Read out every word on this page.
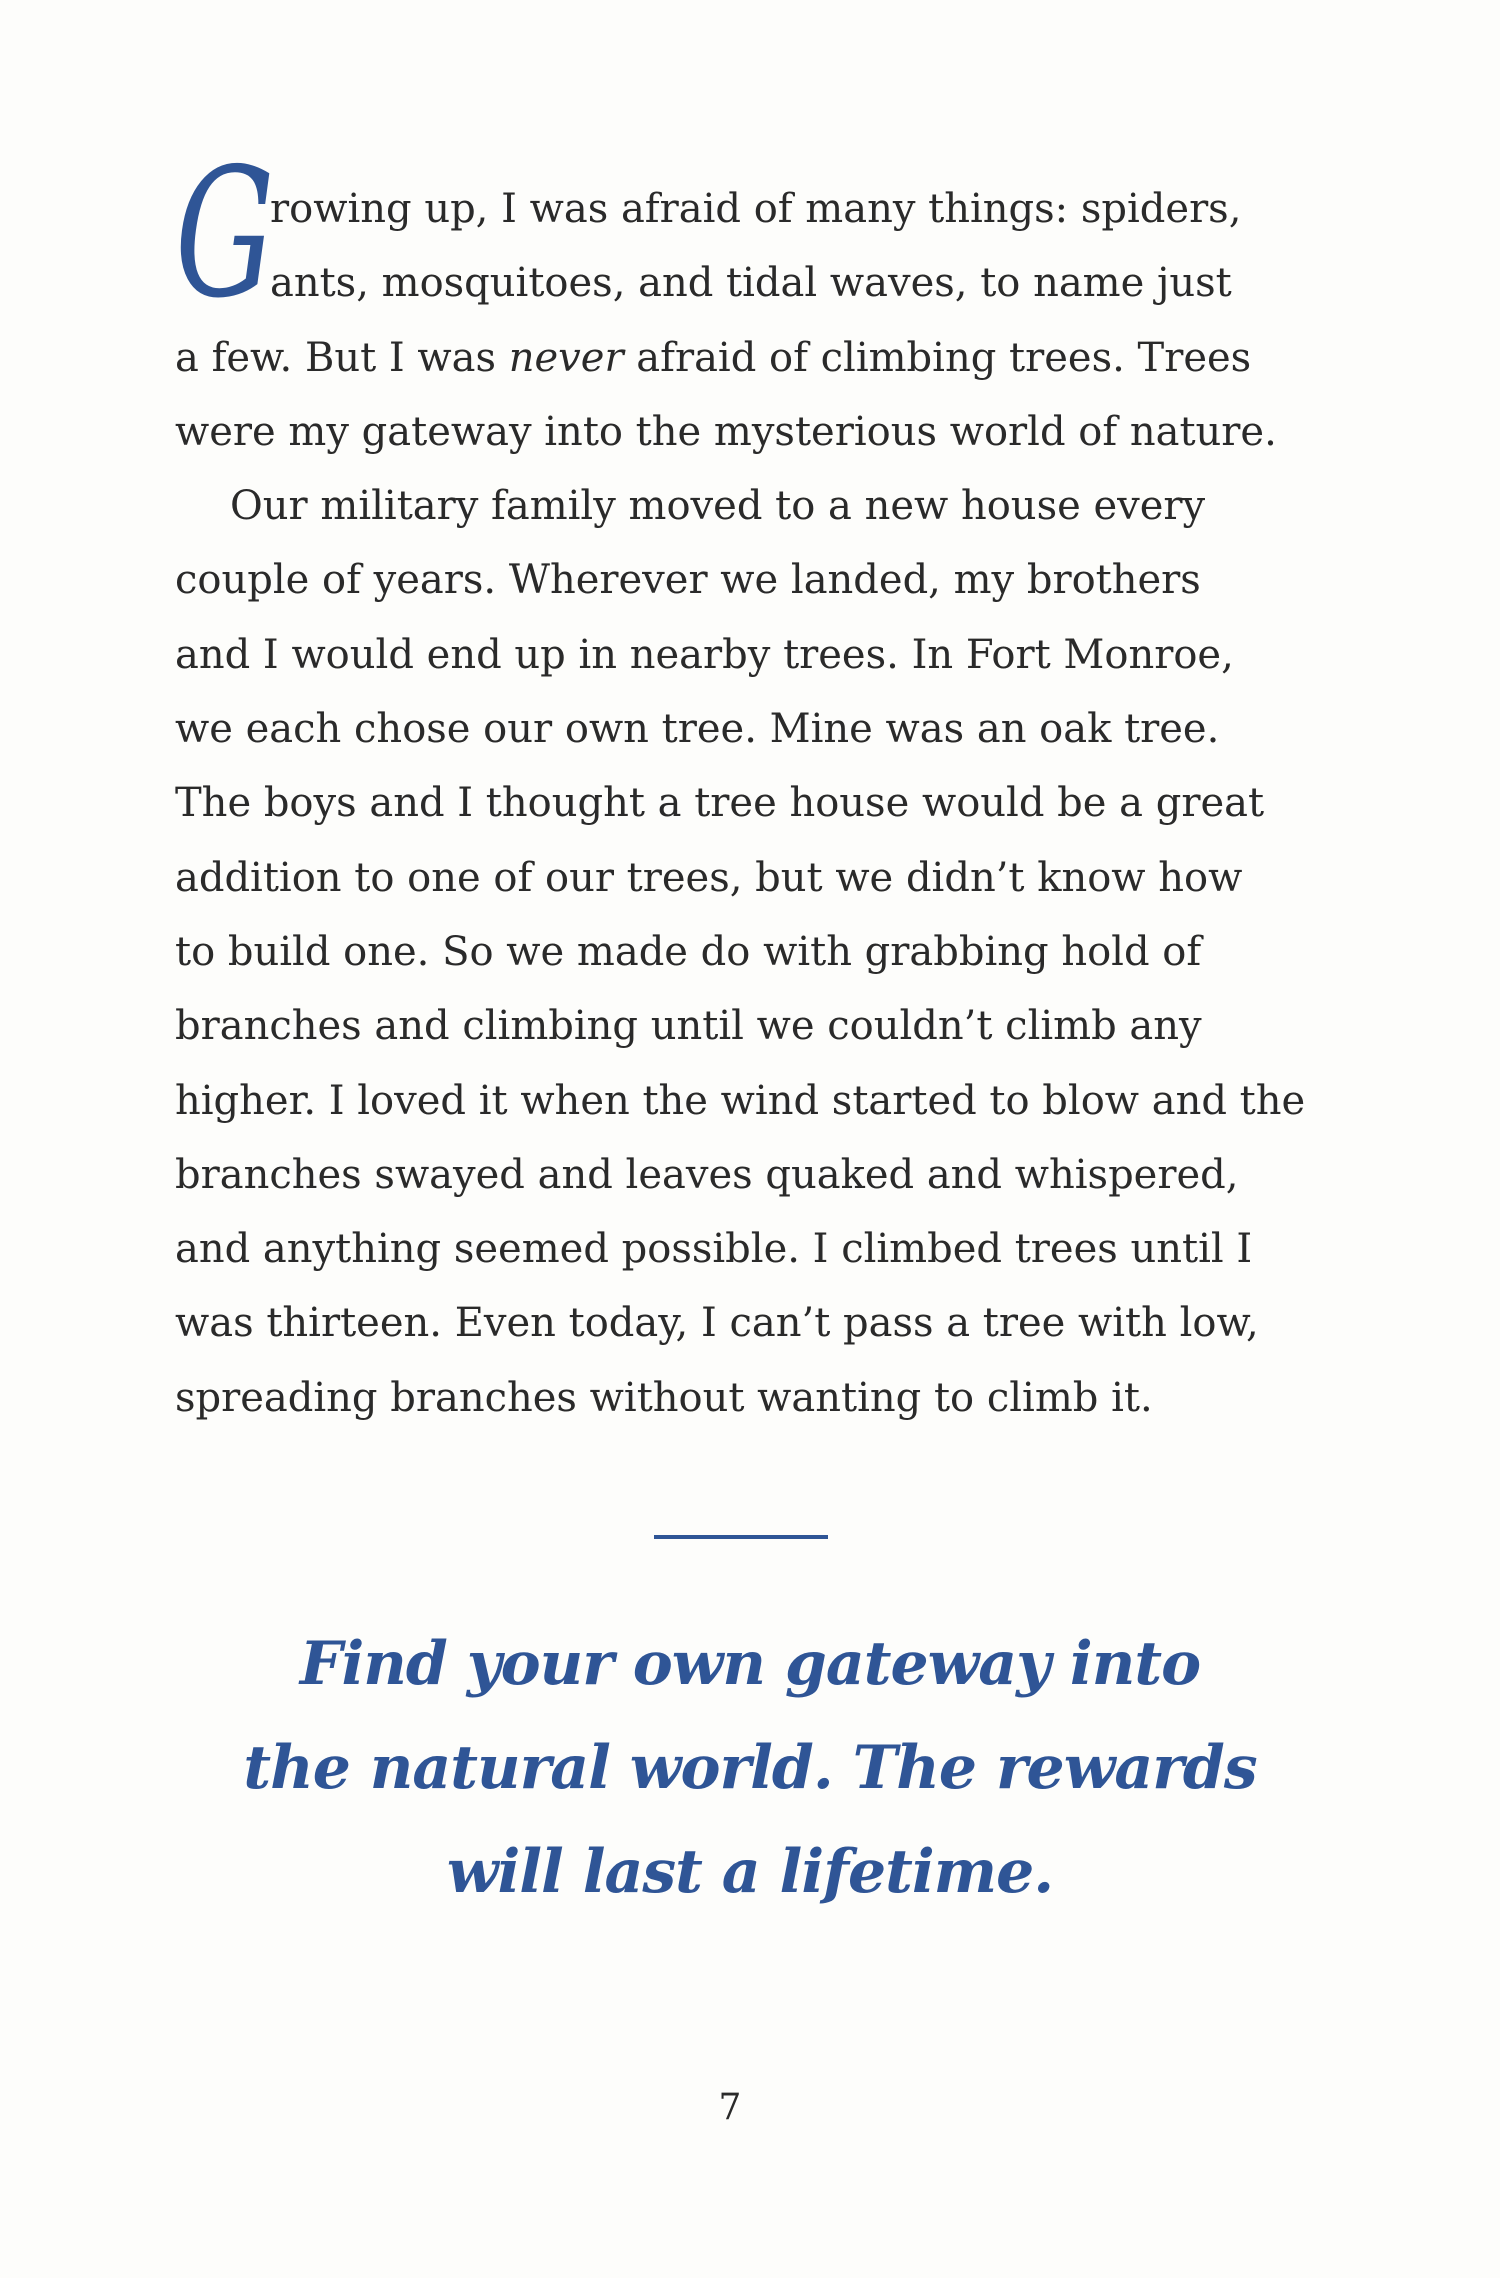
G
rowing up, I was afraid of many things: spiders,
ants, mosquitoes, and tidal waves, to name just
a few. But I was never afraid of climbing trees. Trees
were my gateway into the mysterious world of nature.
Our military family moved to a new house every
couple of years. Wherever we landed, my brothers
and I would end up in nearby trees. In Fort Monroe,
we each chose our own tree. Mine was an oak tree.
The boys and I thought a tree house would be a great
addition to one of our trees, but we didn’t know how
to build one. So we made do with grabbing hold of
branches and climbing until we couldn’t climb any
higher. I loved it when the wind started to blow and the
branches swayed and leaves quaked and whispered,
and anything seemed possible. I climbed trees until I
was thirteen. Even today, I can’t pass a tree with low,
spreading branches without wanting to climb it.
Find your own gateway into
the natural world. The rewards
will last a lifetime.
7
